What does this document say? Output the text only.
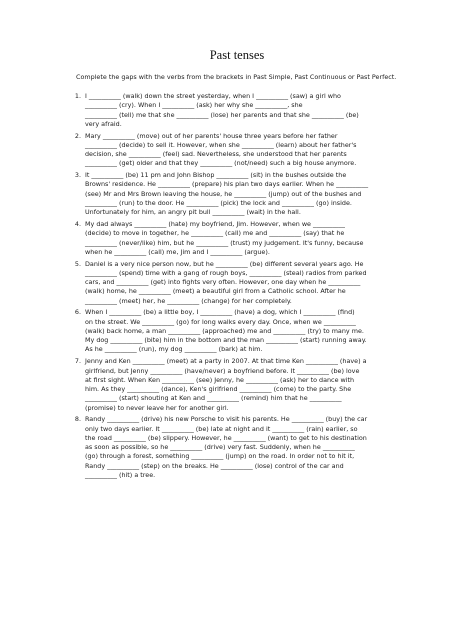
Past tenses
Complete the gaps with the verbs from the brackets in Past Simple, Past Continuous or Past Perfect.
1. I __________ (walk) down the street yesterday, when I __________ (saw) a girl who
__________ (cry). When I __________ (ask) her why she __________, she
__________ (tell) me that she __________ (lose) her parents and that she __________ (be)
very afraid.
2. Mary __________ (move) out of her parents' house three years before her father
__________ (decide) to sell it. However, when she __________ (learn) about her father's
decision, she __________ (feel) sad. Nevertheless, she understood that her parents
__________ (get) older and that they __________ (not/need) such a big house anymore.
3. It __________ (be) 11 pm and John Bishop __________ (sit) in the bushes outside the
Browns' residence. He __________ (prepare) his plan two days earlier. When he __________
(see) Mr and Mrs Brown leaving the house, he __________ (jump) out of the bushes and
__________ (run) to the door. He __________ (pick) the lock and __________ (go) inside.
Unfortunately for him, an angry pit bull __________ (wait) in the hall.
4. My dad always __________ (hate) my boyfriend, Jim. However, when we __________
(decide) to move in together, he __________ (call) me and __________ (say) that he
__________ (never/like) him, but he __________ (trust) my judgement. It's funny, because
when he __________ (call) me, Jim and I __________ (argue).
5. Daniel is a very nice person now, but he __________ (be) different several years ago. He
__________ (spend) time with a gang of rough boys, __________ (steal) radios from parked
cars, and __________ (get) into fights very often. However, one day when he __________
(walk) home, he __________ (meet) a beautiful girl from a Catholic school. After he
__________ (meet) her, he __________ (change) for her completely.
6. When I __________ (be) a little boy, I __________ (have) a dog, which I __________ (find)
on the street. We __________ (go) for long walks every day. Once, when we __________
(walk) back home, a man __________ (approached) me and __________ (try) to many me.
My dog __________ (bite) him in the bottom and the man __________ (start) running away.
As he __________ (run), my dog __________ (bark) at him.
7. Jenny and Ken __________ (meet) at a party in 2007. At that time Ken __________ (have) a
girlfriend, but Jenny __________ (have/never) a boyfriend before. It __________ (be) love
at first sight. When Ken __________ (see) Jenny, he __________ (ask) her to dance with
him. As they __________ (dance), Ken's girlfriend __________ (come) to the party. She
__________ (start) shouting at Ken and __________ (remind) him that he __________
(promise) to never leave her for another girl.
8. Randy __________ (drive) his new Porsche to visit his parents. He __________ (buy) the car
only two days earlier. It __________ (be) late at night and it __________ (rain) earlier, so
the road __________ (be) slippery. However, he __________ (want) to get to his destination
as soon as possible, so he __________ (drive) very fast. Suddenly, when he __________
(go) through a forest, something __________ (jump) on the road. In order not to hit it,
Randy __________ (step) on the breaks. He __________ (lose) control of the car and
__________ (hit) a tree.
